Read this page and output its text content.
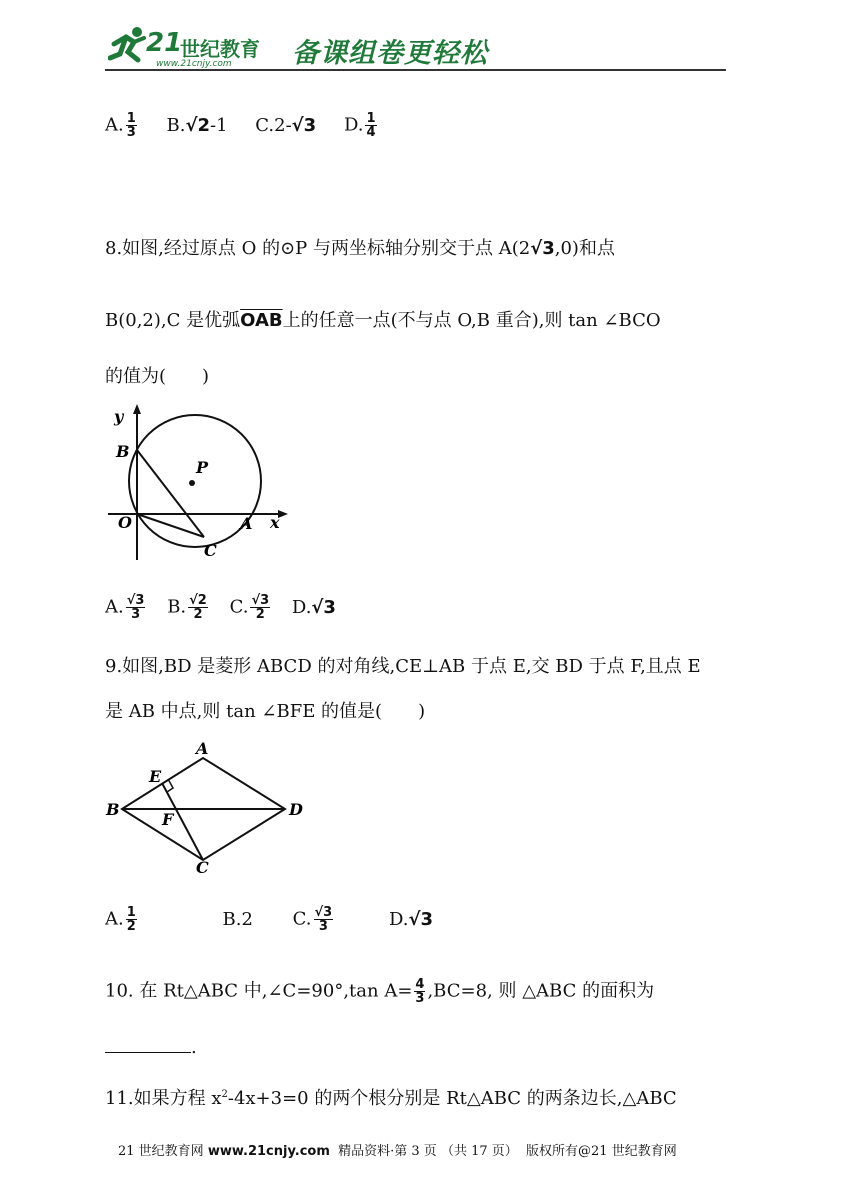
21
世纪教育
www.21cnjy.com 备课组卷更轻松
A. $\frac{1}{3} B.√2-1$ C.2-√3 D. $\frac{1}{4}$
8.如图,经过原点 O 的⊙P 与两坐标轴分别交于点 A(2√3,0)和点
B(0,2),C 是优弧$\overline{OAB}$上的任意一点(不与点 O,B 重合),则 tan ∠BCO
的值为(　　)
y
B
P
O	A x
C
A. $\frac{√3}{3} B$. $\frac{√2}{2} C$. $\frac{√3}{2} D.√3$
9.如图,BD 是菱形 ABCD 的对角线,CE⊥AB 于点 E,交 BD 于点 F,且点 E
是 AB 中点,则 tan ∠BFE 的值是(　　)
A
E
B	D
F
C
A. $\frac{1}{2}$	B.2 C. $\frac{√3}{3}$	D.√3
10. 在 Rt△ABC 中,∠C=90°,tan $A= \frac{4}{3} ,BC=8$, 则 △ABC 的面积为
.
11.如果方程 $x^2-4x+3=0$ 的两个根分别是 Rt△ABC 的两条边长,△ABC
21 世纪教育网 www.21cnjy.com 精品资料·第 3 页 （共 17 页） 版权所有@21 世纪教育网
